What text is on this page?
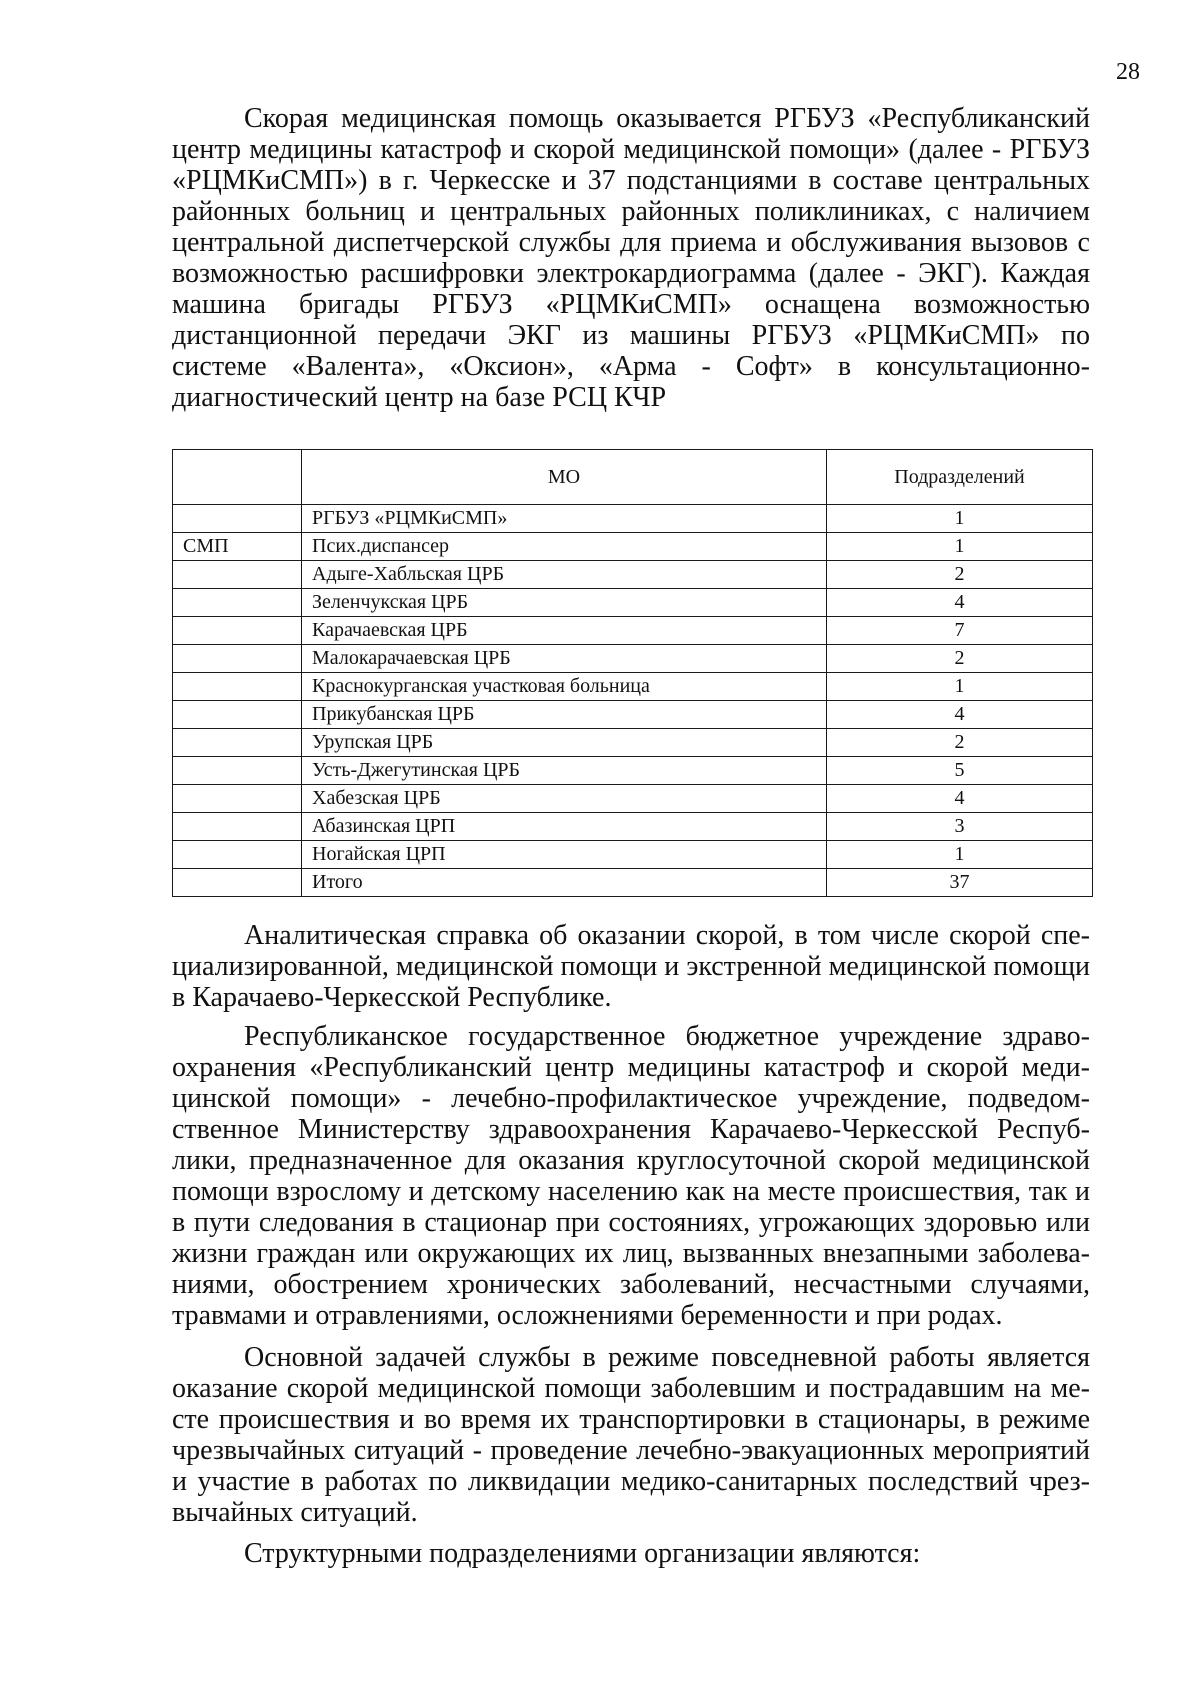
28

Скорая медицинская помощь оказывается РГБУЗ «Республиканский центр медицины катастроф и скорой медицинской помощи» (далее - РГБУЗ «РЦМКиСМП») в г. Черкесске и 37 подстанциями в составе центральных районных больниц и центральных районных поликлиниках, с наличием центральной диспетчерской службы для приема и обслуживания вызовов с возможностью расшифровки электрокардиограмма (далее - ЭКГ). Каждая машина бригады РГБУЗ «РЦМКиСМП» оснащена возможностью дистанционной передачи ЭКГ из машины РГБУЗ «РЦМКиСМП» по системе «Валента», «Оксион», «Арма - Софт» в консультационно-диагностический центр на базе РСЦ КЧР

	МО	Подразделений
	РГБУЗ «РЦМКиСМП»	1
СМП	Псих.диспансер	1
	Адыге-Хабльская ЦРБ	2
	Зеленчукская ЦРБ	4
	Карачаевская ЦРБ	7
	Малокарачаевская ЦРБ	2
	Краснокурганская участковая больница	1
	Прикубанская ЦРБ	4
	Урупская ЦРБ	2
	Усть-Джегутинская ЦРБ	5
	Хабезская ЦРБ	4
	Абазинская ЦРП	3
	Ногайская ЦРП	1
	Итого	37

Аналитическая справка об оказании скорой, в том числе скорой специализированной, медицинской помощи и экстренной медицинской помощи в Карачаево-Черкесской Республике.

Республиканское государственное бюджетное учреждение здравоохранения «Республиканский центр медицины катастроф и скорой медицинской помощи» - лечебно-профилактическое учреждение, подведомственное Министерству здравоохранения Карачаево-Черкесской Республики, предназначенное для оказания круглосуточной скорой медицинской помощи взрослому и детскому населению как на месте происшествия, так и в пути следования в стационар при состояниях, угрожающих здоровью или жизни граждан или окружающих их лиц, вызванных внезапными заболеваниями, обострением хронических заболеваний, несчастными случаями, травмами и отравлениями, осложнениями беременности и при родах.

Основной задачей службы в режиме повседневной работы является оказание скорой медицинской помощи заболевшим и пострадавшим на месте происшествия и во время их транспортировки в стационары, в режиме чрезвычайных ситуаций - проведение лечебно-эвакуационных мероприятий и участие в работах по ликвидации медико-санитарных последствий чрезвычайных ситуаций.

Структурными подразделениями организации являются:
